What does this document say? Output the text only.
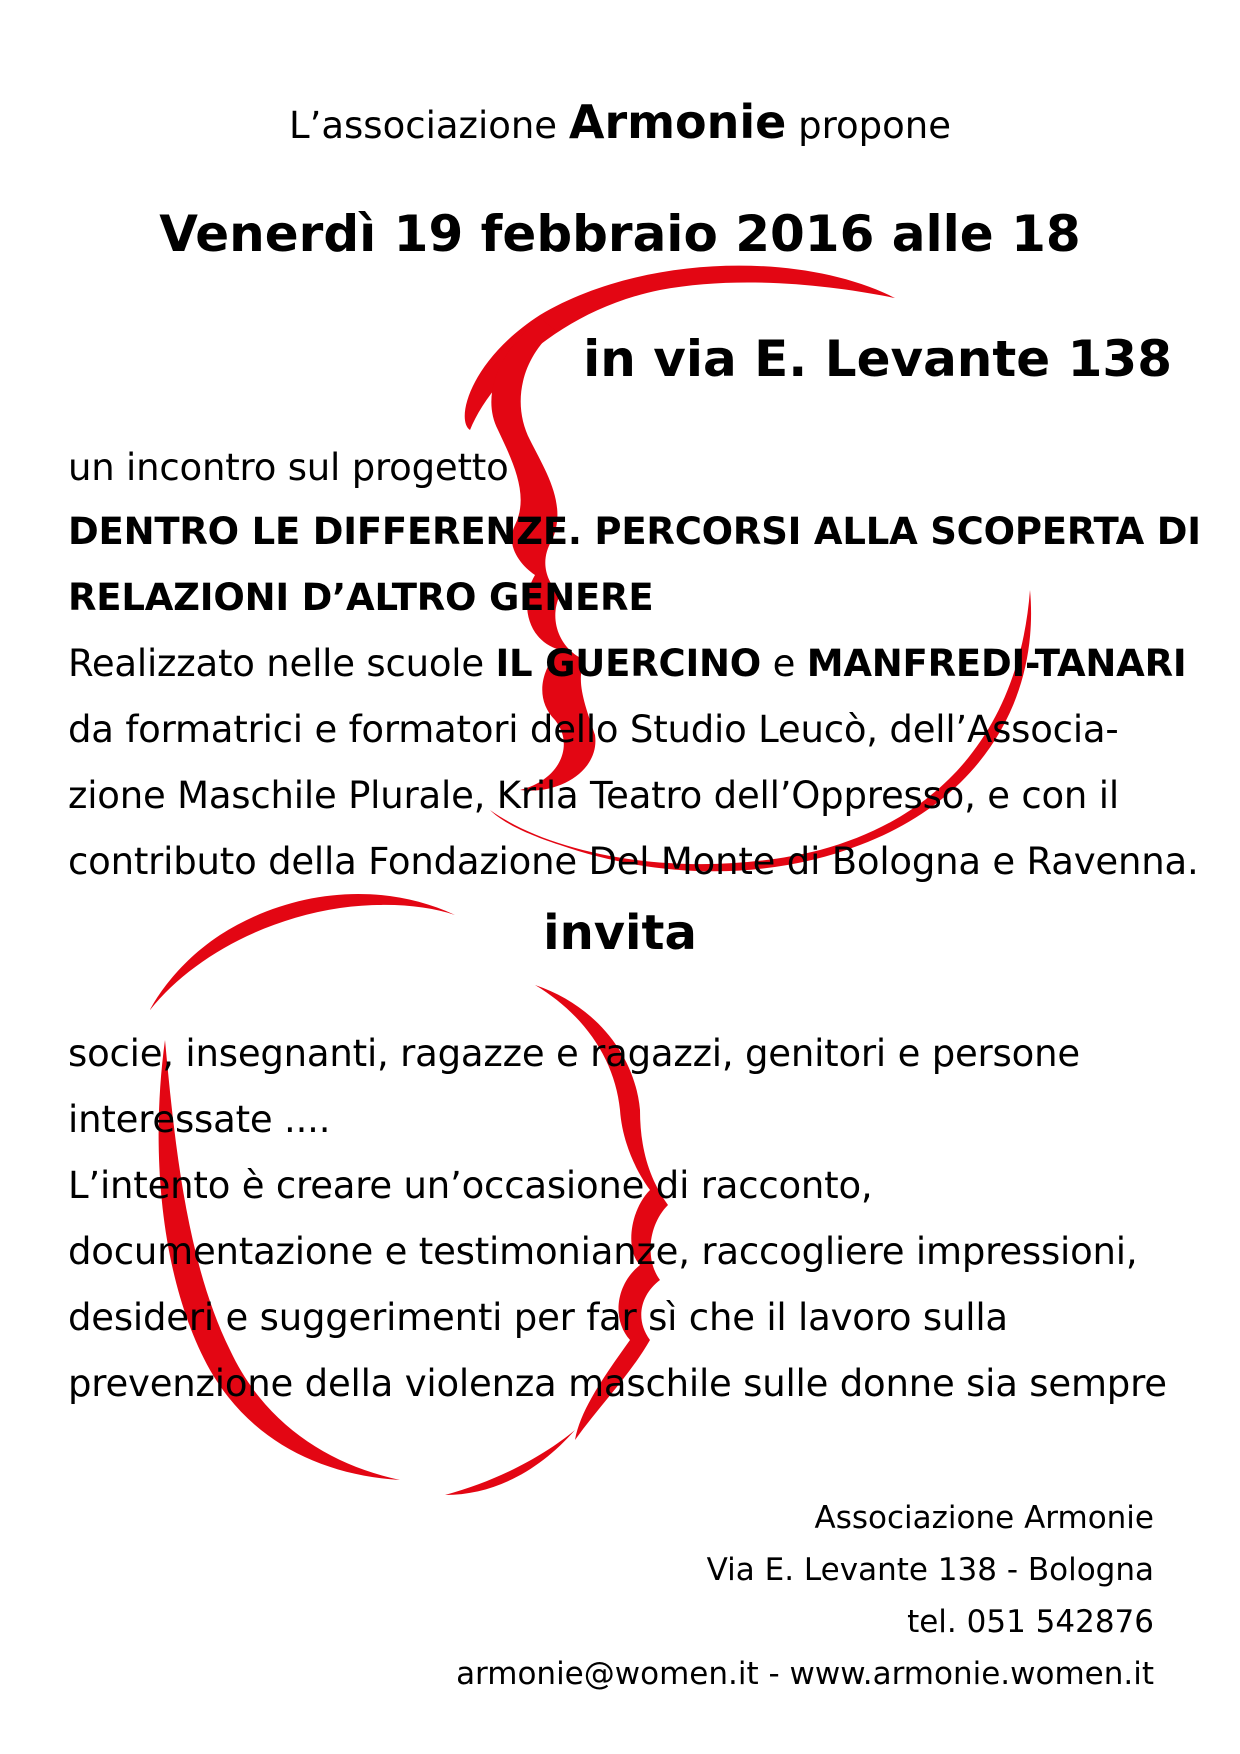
L’associazione Armonie propone

Venerdì 19 febbraio 2016 alle 18

in via E. Levante 138

un incontro sul progetto

DENTRO LE DIFFERENZE. PERCORSI ALLA SCOPERTA DI

RELAZIONI D’ALTRO GENERE

Realizzato nelle scuole IL GUERCINO e MANFREDI-TANARI

da formatrici e formatori dello Studio Leucò, dell’Associa-

zione Maschile Plurale, Krila Teatro dell’Oppresso, e con il

contributo della Fondazione Del Monte di Bologna e Ravenna.

invita

socie, insegnanti, ragazze e ragazzi, genitori e persone

interessate ....

L’intento è creare un’occasione di racconto,

documentazione e testimonianze, raccogliere impressioni,

desideri e suggerimenti per far sì che il lavoro sulla

prevenzione della violenza maschile sulle donne sia sempre

Associazione Armonie

Via E. Levante 138 - Bologna

tel. 051 542876

armonie@women.it - www.armonie.women.it
